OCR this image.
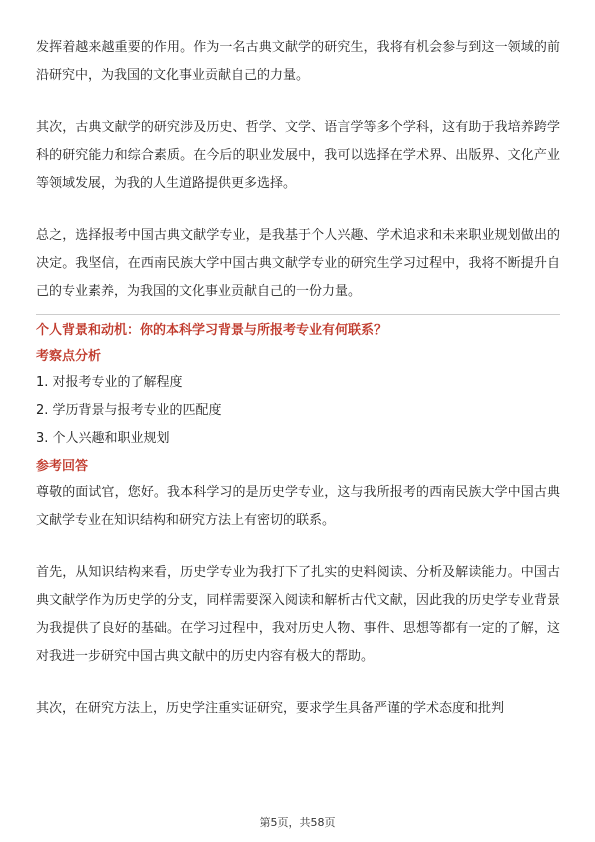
发挥着越来越重要的作用。作为一名古典文献学的研究生，我将有机会参与到这一领域的前沿研究中，为我国的文化事业贡献自己的力量。

其次，古典文献学的研究涉及历史、哲学、文学、语言学等多个学科，这有助于我培养跨学科的研究能力和综合素质。在今后的职业发展中，我可以选择在学术界、出版界、文化产业等领域发展，为我的人生道路提供更多选择。

总之，选择报考中国古典文献学专业，是我基于个人兴趣、学术追求和未来职业规划做出的决定。我坚信，在西南民族大学中国古典文献学专业的研究生学习过程中，我将不断提升自己的专业素养，为我国的文化事业贡献自己的一份力量。

个人背景和动机：你的本科学习背景与所报考专业有何联系？
考察点分析
1. 对报考专业的了解程度
2. 学历背景与报考专业的匹配度
3. 个人兴趣和职业规划
参考回答

尊敬的面试官，您好。我本科学习的是历史学专业，这与我所报考的西南民族大学中国古典文献学专业在知识结构和研究方法上有密切的联系。

首先，从知识结构来看，历史学专业为我打下了扎实的史料阅读、分析及解读能力。中国古典文献学作为历史学的分支，同样需要深入阅读和解析古代文献，因此我的历史学专业背景为我提供了良好的基础。在学习过程中，我对历史人物、事件、思想等都有一定的了解，这对我进一步研究中国古典文献中的历史内容有极大的帮助。

其次，在研究方法上，历史学注重实证研究，要求学生具备严谨的学术态度和批判

第5页，共58页
